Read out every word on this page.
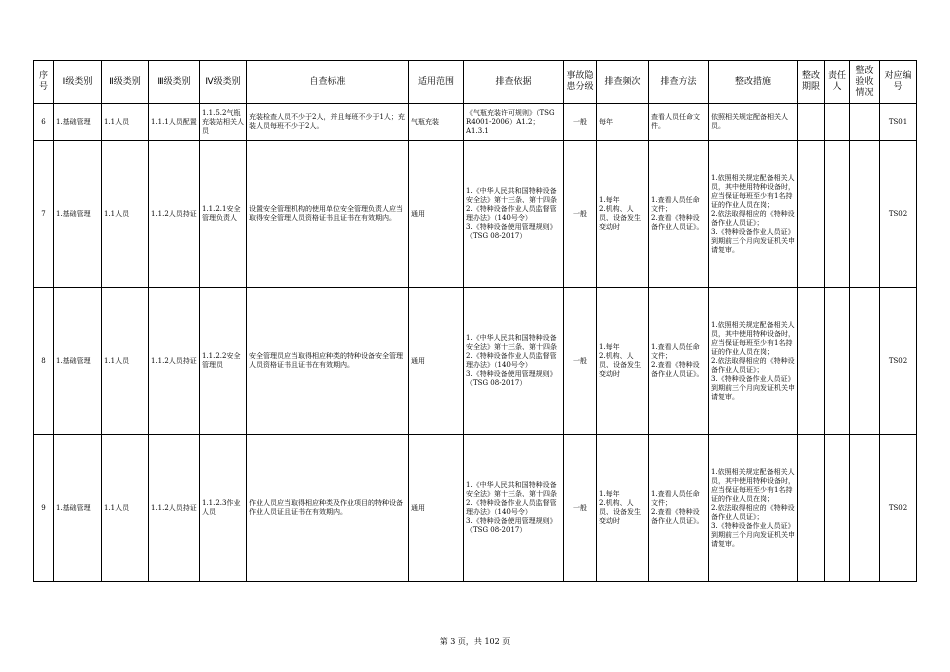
序号	Ⅰ级类别	Ⅱ级类别	Ⅲ级类别	Ⅳ级类别	自查标准	适用范围	排查依据	事故隐患分级	排查频次	排查方法	整改措施	整改期限	责任人	整改验收情况	对应编号
6	1.基础管理	1.1人员	1.1.1人员配置	1.1.5.2气瓶充装站相关人员	充装检查人员不少于2人，并且每班不少于1人；充装人员每班不少于2人。	气瓶充装	《气瓶充装许可规则》（TSG R4001-2006）A1.2；A1.3.1	一般	每年	查看人员任命文件。	依照相关规定配备相关人员。				TS01
7	1.基础管理	1.1人员	1.1.2人员持证	1.1.2.1安全管理负责人	设置安全管理机构的使用单位安全管理负责人应当取得安全管理人员资格证书且证书在有效期内。	通用	1.《中华人民共和国特种设备安全法》第十三条、第十四条
2.《特种设备作业人员监督管理办法》（140号令）
3.《特种设备使用管理规则》（TSG 08-2017）	一般	1.每年
2.机构、人员、设备发生变动时	1.查看人员任命文件；
2.查看《特种设备作业人员证》。	1.依照相关规定配备相关人员，其中使用特种设备时，应当保证每班至少有1名持证的作业人员在岗；
2.依法取得相应的《特种设备作业人员证》；
3.《特种设备作业人员证》到期前三个月向发证机关申请复审。				TS02
8	1.基础管理	1.1人员	1.1.2人员持证	1.1.2.2安全管理员	安全管理员应当取得相应种类的特种设备安全管理人员资格证书且证书在有效期内。	通用	1.《中华人民共和国特种设备安全法》第十三条、第十四条
2.《特种设备作业人员监督管理办法》（140号令）
3.《特种设备使用管理规则》（TSG 08-2017）	一般	1.每年
2.机构、人员、设备发生变动时	1.查看人员任命文件；
2.查看《特种设备作业人员证》。	1.依照相关规定配备相关人员，其中使用特种设备时，应当保证每班至少有1名持证的作业人员在岗；
2.依法取得相应的《特种设备作业人员证》；
3.《特种设备作业人员证》到期前三个月向发证机关申请复审。				TS02
9	1.基础管理	1.1人员	1.1.2人员持证	1.1.2.3作业人员	作业人员应当取得相应种类及作业项目的特种设备作业人员证且证书在有效期内。	通用	1.《中华人民共和国特种设备安全法》第十三条、第十四条
2.《特种设备作业人员监督管理办法》（140号令）
3.《特种设备使用管理规则》（TSG 08-2017）	一般	1.每年
2.机构、人员、设备发生变动时	1.查看人员任命文件；
2.查看《特种设备作业人员证》。	1.依照相关规定配备相关人员，其中使用特种设备时，应当保证每班至少有1名持证的作业人员在岗；
2.依法取得相应的《特种设备作业人员证》；
3.《特种设备作业人员证》到期前三个月向发证机关申请复审。				TS02
第 3 页，共 102 页
